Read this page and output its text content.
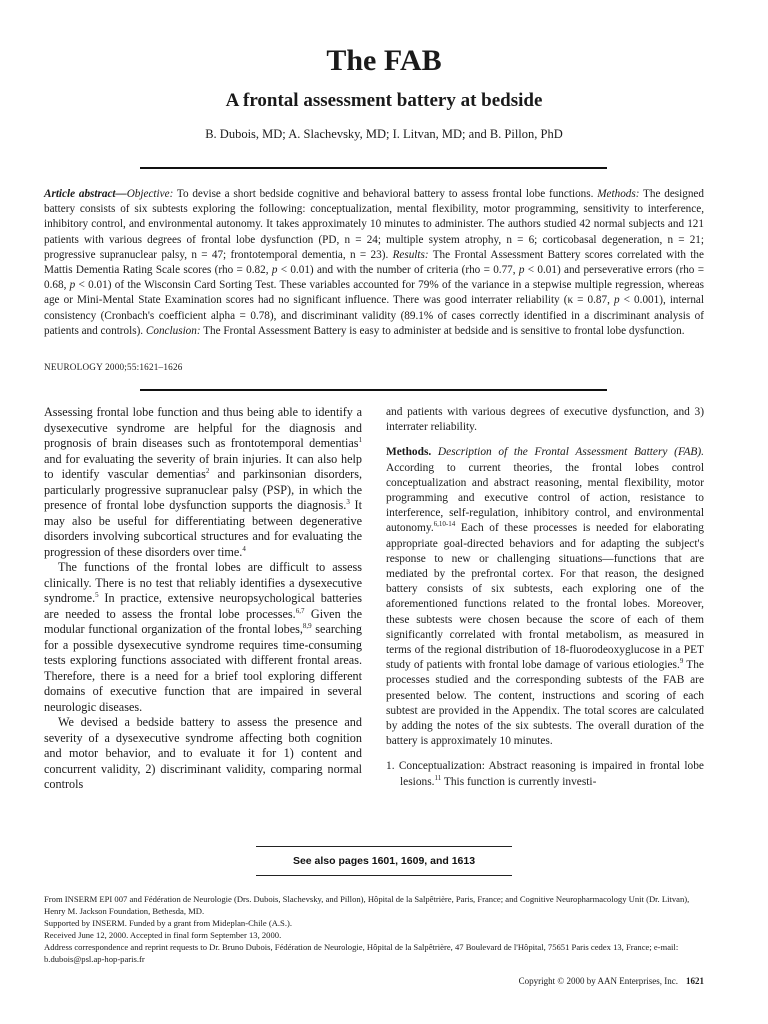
The FAB
A frontal assessment battery at bedside
B. Dubois, MD; A. Slachevsky, MD; I. Litvan, MD; and B. Pillon, PhD
Article abstract—Objective: To devise a short bedside cognitive and behavioral battery to assess frontal lobe functions. Methods: The designed battery consists of six subtests exploring the following: conceptualization, mental flexibility, motor programming, sensitivity to interference, inhibitory control, and environmental autonomy. It takes approximately 10 minutes to administer. The authors studied 42 normal subjects and 121 patients with various degrees of frontal lobe dysfunction (PD, n = 24; multiple system atrophy, n = 6; corticobasal degeneration, n = 21; progressive supranuclear palsy, n = 47; frontotemporal dementia, n = 23). Results: The Frontal Assessment Battery scores correlated with the Mattis Dementia Rating Scale scores (rho = 0.82, p < 0.01) and with the number of criteria (rho = 0.77, p < 0.01) and perseverative errors (rho = 0.68, p < 0.01) of the Wisconsin Card Sorting Test. These variables accounted for 79% of the variance in a stepwise multiple regression, whereas age or Mini-Mental State Examination scores had no significant influence. There was good interrater reliability (κ = 0.87, p < 0.001), internal consistency (Cronbach's coefficient alpha = 0.78), and discriminant validity (89.1% of cases correctly identified in a discriminant analysis of patients and controls). Conclusion: The Frontal Assessment Battery is easy to administer at bedside and is sensitive to frontal lobe dysfunction.
NEUROLOGY 2000;55:1621–1626

Assessing frontal lobe function and thus being able to identify a dysexecutive syndrome are helpful for the diagnosis and prognosis of brain diseases such as frontotemporal dementias$^1$ and for evaluating the severity of brain injuries. It can also help to identify vascular dementias$^2$ and parkinsonian disorders, particularly progressive supranuclear palsy (PSP), in which the presence of frontal lobe dysfunction supports the diagnosis.$^3$ It may also be useful for differentiating between degenerative disorders involving subcortical structures and for evaluating the progression of these disorders over time.$^4$

The functions of the frontal lobes are difficult to assess clinically. There is no test that reliably identifies a dysexecutive syndrome.$^5$ In practice, extensive neuropsychological batteries are needed to assess the frontal lobe processes.$^{6,7}$ Given the modular functional organization of the frontal lobes,$^{8,9}$ searching for a possible dysexecutive syndrome requires time-consuming tests exploring functions associated with different frontal areas. Therefore, there is a need for a brief tool exploring different domains of executive function that are impaired in several neurologic diseases.

We devised a bedside battery to assess the presence and severity of a dysexecutive syndrome affecting both cognition and motor behavior, and to evaluate it for 1) content and concurrent validity, 2) discriminant validity, comparing normal controls

and patients with various degrees of executive dysfunction, and 3) interrater reliability.

Methods. Description of the Frontal Assessment Battery (FAB). According to current theories, the frontal lobes control conceptualization and abstract reasoning, mental flexibility, motor programming and executive control of action, resistance to interference, self-regulation, inhibitory control, and environmental autonomy.$^{6,10-14}$ Each of these processes is needed for elaborating appropriate goal-directed behaviors and for adapting the subject's response to new or challenging situations—functions that are mediated by the prefrontal cortex. For that reason, the designed battery consists of six subtests, each exploring one of the aforementioned functions related to the frontal lobes. Moreover, these subtests were chosen because the score of each of them significantly correlated with frontal metabolism, as measured in terms of the regional distribution of 18-fluorodeoxyglucose in a PET study of patients with frontal lobe damage of various etiologies.$^9$ The processes studied and the corresponding subtests of the FAB are presented below. The content, instructions and scoring of each subtest are provided in the Appendix. The total scores are calculated by adding the notes of the six subtests. The overall duration of the battery is approximately 10 minutes.

1. Conceptualization: Abstract reasoning is impaired in frontal lobe lesions.$^{11}$ This function is currently investi-

See also pages 1601, 1609, and 1613

From INSERM EPI 007 and Fédération de Neurologie (Drs. Dubois, Slachevsky, and Pillon), Hôpital de la Salpêtrière, Paris, France; and Cognitive Neuropharmacology Unit (Dr. Litvan), Henry M. Jackson Foundation, Bethesda, MD.

Supported by INSERM. Funded by a grant from Mideplan-Chile (A.S.).

Received June 12, 2000. Accepted in final form September 13, 2000.

Address correspondence and reprint requests to Dr. Bruno Dubois, Fédération de Neurologie, Hôpital de la Salpêtrière, 47 Boulevard de l'Hôpital, 75651 Paris cedex 13, France; e-mail: b.dubois@psl.ap-hop-paris.fr

Copyright © 2000 by AAN Enterprises, Inc. 1621
